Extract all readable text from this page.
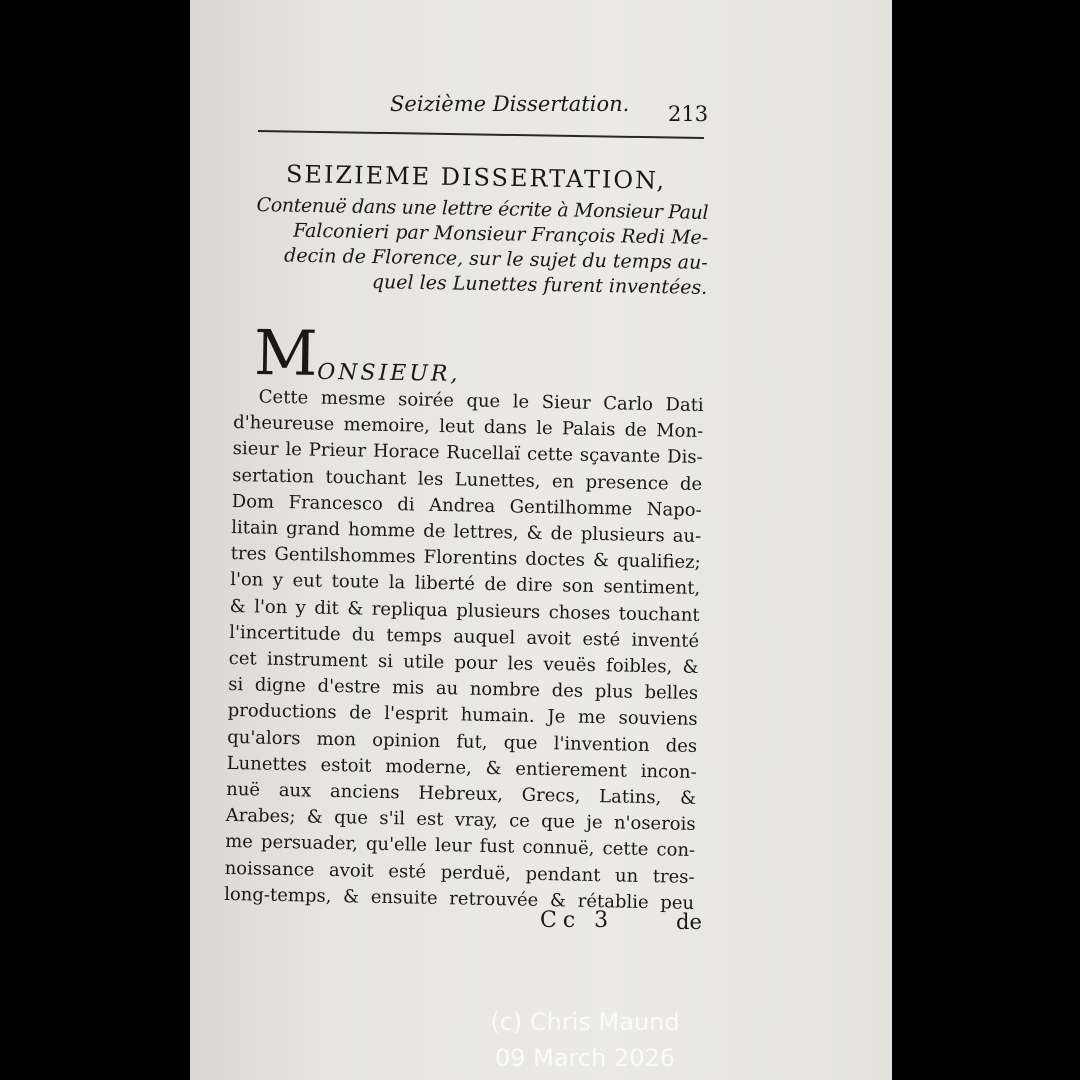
Seizième Dissertation. 213
SEIZIEME DISSERTATION,
Contenuë dans une lettre écrite à Monsieur Paul
Falconieri par Monsieur François Redi Me-
decin de Florence, sur le sujet du temps au-
quel les Lunettes furent inventées.
MONSIEUR,
Cette mesme soirée que le Sieur Carlo Dati
d'heureuse memoire, leut dans le Palais de Mon-
sieur le Prieur Horace Rucellaï cette sçavante Dis-
sertation touchant les Lunettes, en presence de
Dom Francesco di Andrea Gentilhomme Napo-
litain grand homme de lettres, & de plusieurs au-
tres Gentilshommes Florentins doctes & qualifiez;
l'on y eut toute la liberté de dire son sentiment,
& l'on y dit & repliqua plusieurs choses touchant
l'incertitude du temps auquel avoit esté inventé
cet instrument si utile pour les veuës foibles, &
si digne d'estre mis au nombre des plus belles
productions de l'esprit humain. Je me souviens
qu'alors mon opinion fut, que l'invention des
Lunettes estoit moderne, & entierement incon-
nuë aux anciens Hebreux, Grecs, Latins, &
Arabes; & que s'il est vray, ce que je n'oserois
me persuader, qu'elle leur fust connuë, cette con-
noissance avoit esté perduë, pendant un tres-
long-temps, & ensuite retrouvée & rétablie peu
Cc 3	de
(c) Chris Maund
09 March 2026
